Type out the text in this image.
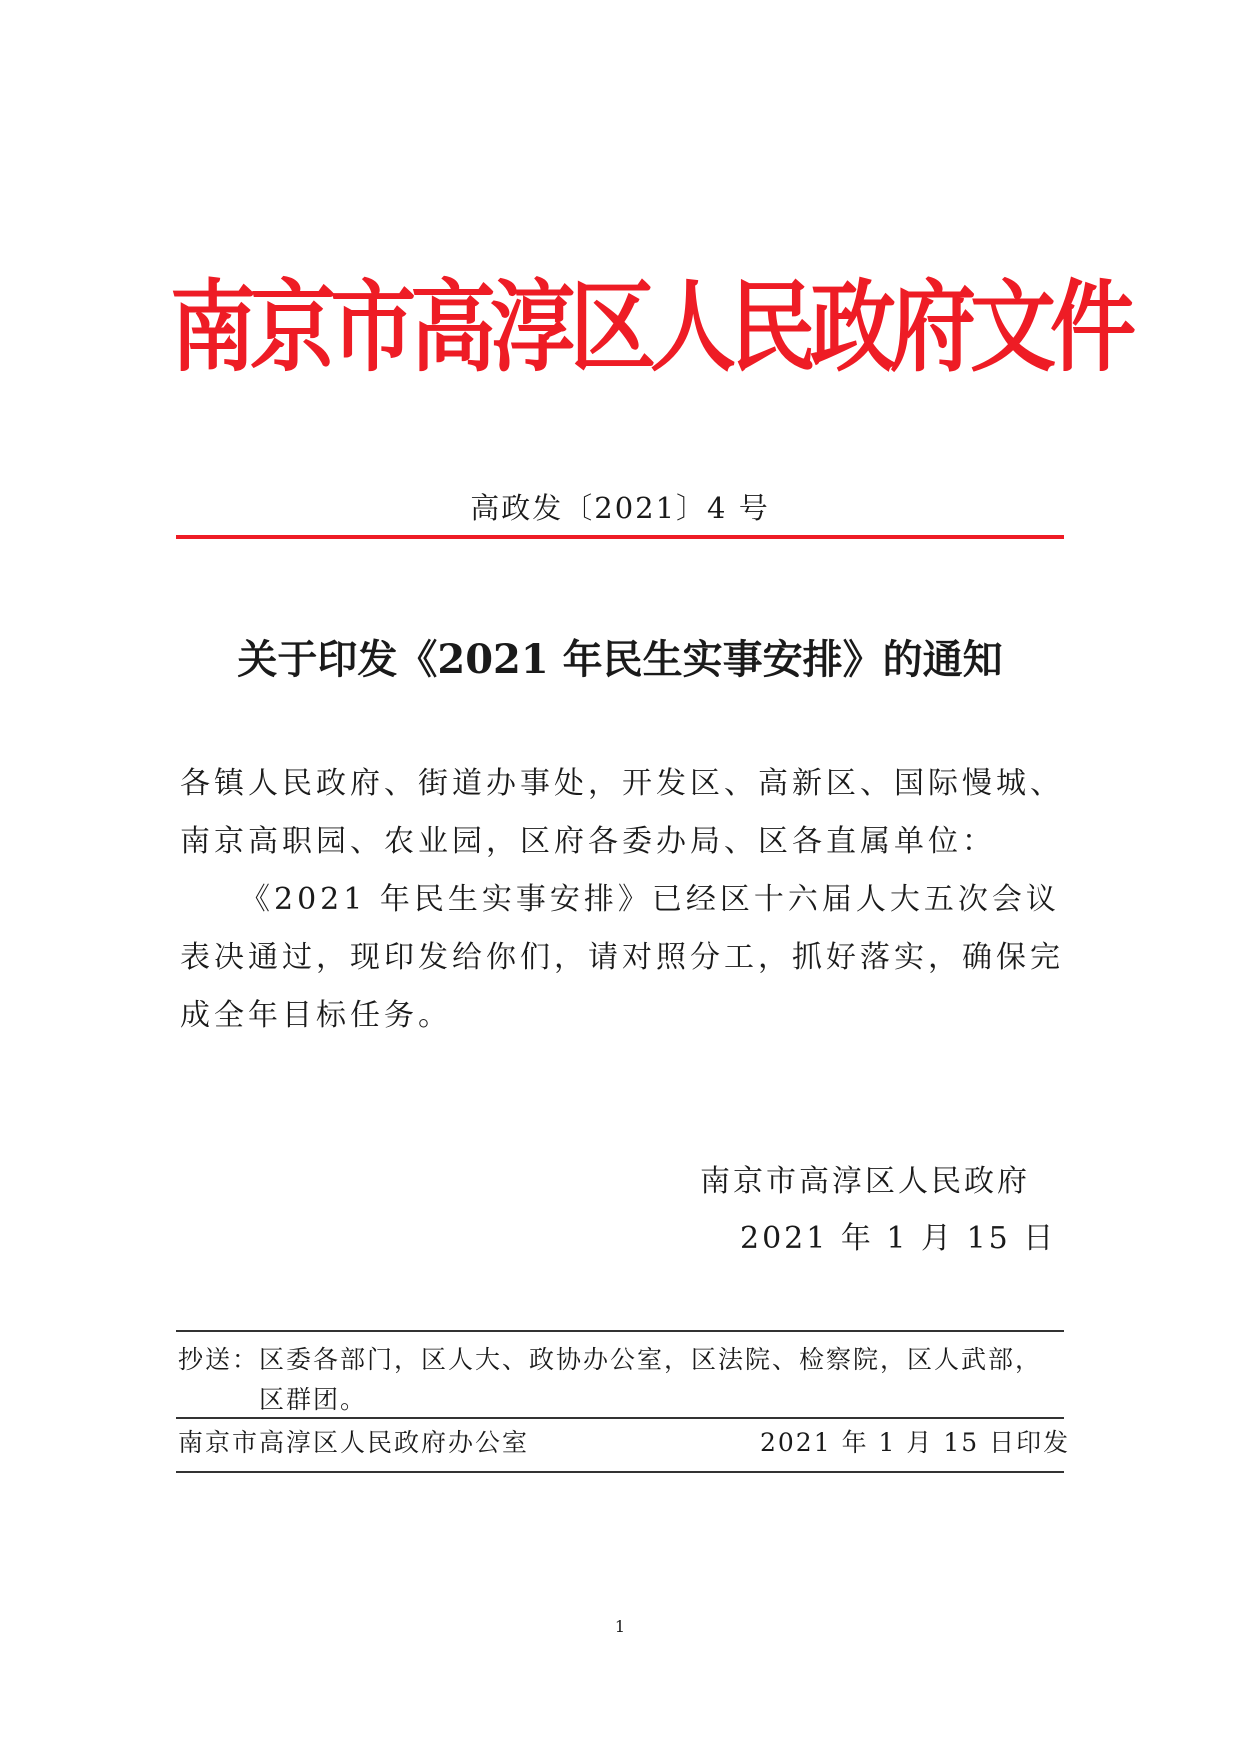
南京市高淳区人民政府文件
高政发〔2021〕4 号
关于印发《2021 年民生实事安排》的通知

各镇人民政府、街道办事处，开发区、高新区、国际慢城、南京高职园、农业园，区府各委办局、区各直属单位：

《2021 年民生实事安排》已经区十六届人大五次会议表决通过，现印发给你们，请对照分工，抓好落实，确保完成全年目标任务。

南京市高淳区人民政府
2021 年 1 月 15 日
抄送： 区委各部门，区人大、政协办公室，区法院、检察院，区人武部，区群团。
南京市高淳区人民政府办公室	2021 年 1 月 15 日印发
1
